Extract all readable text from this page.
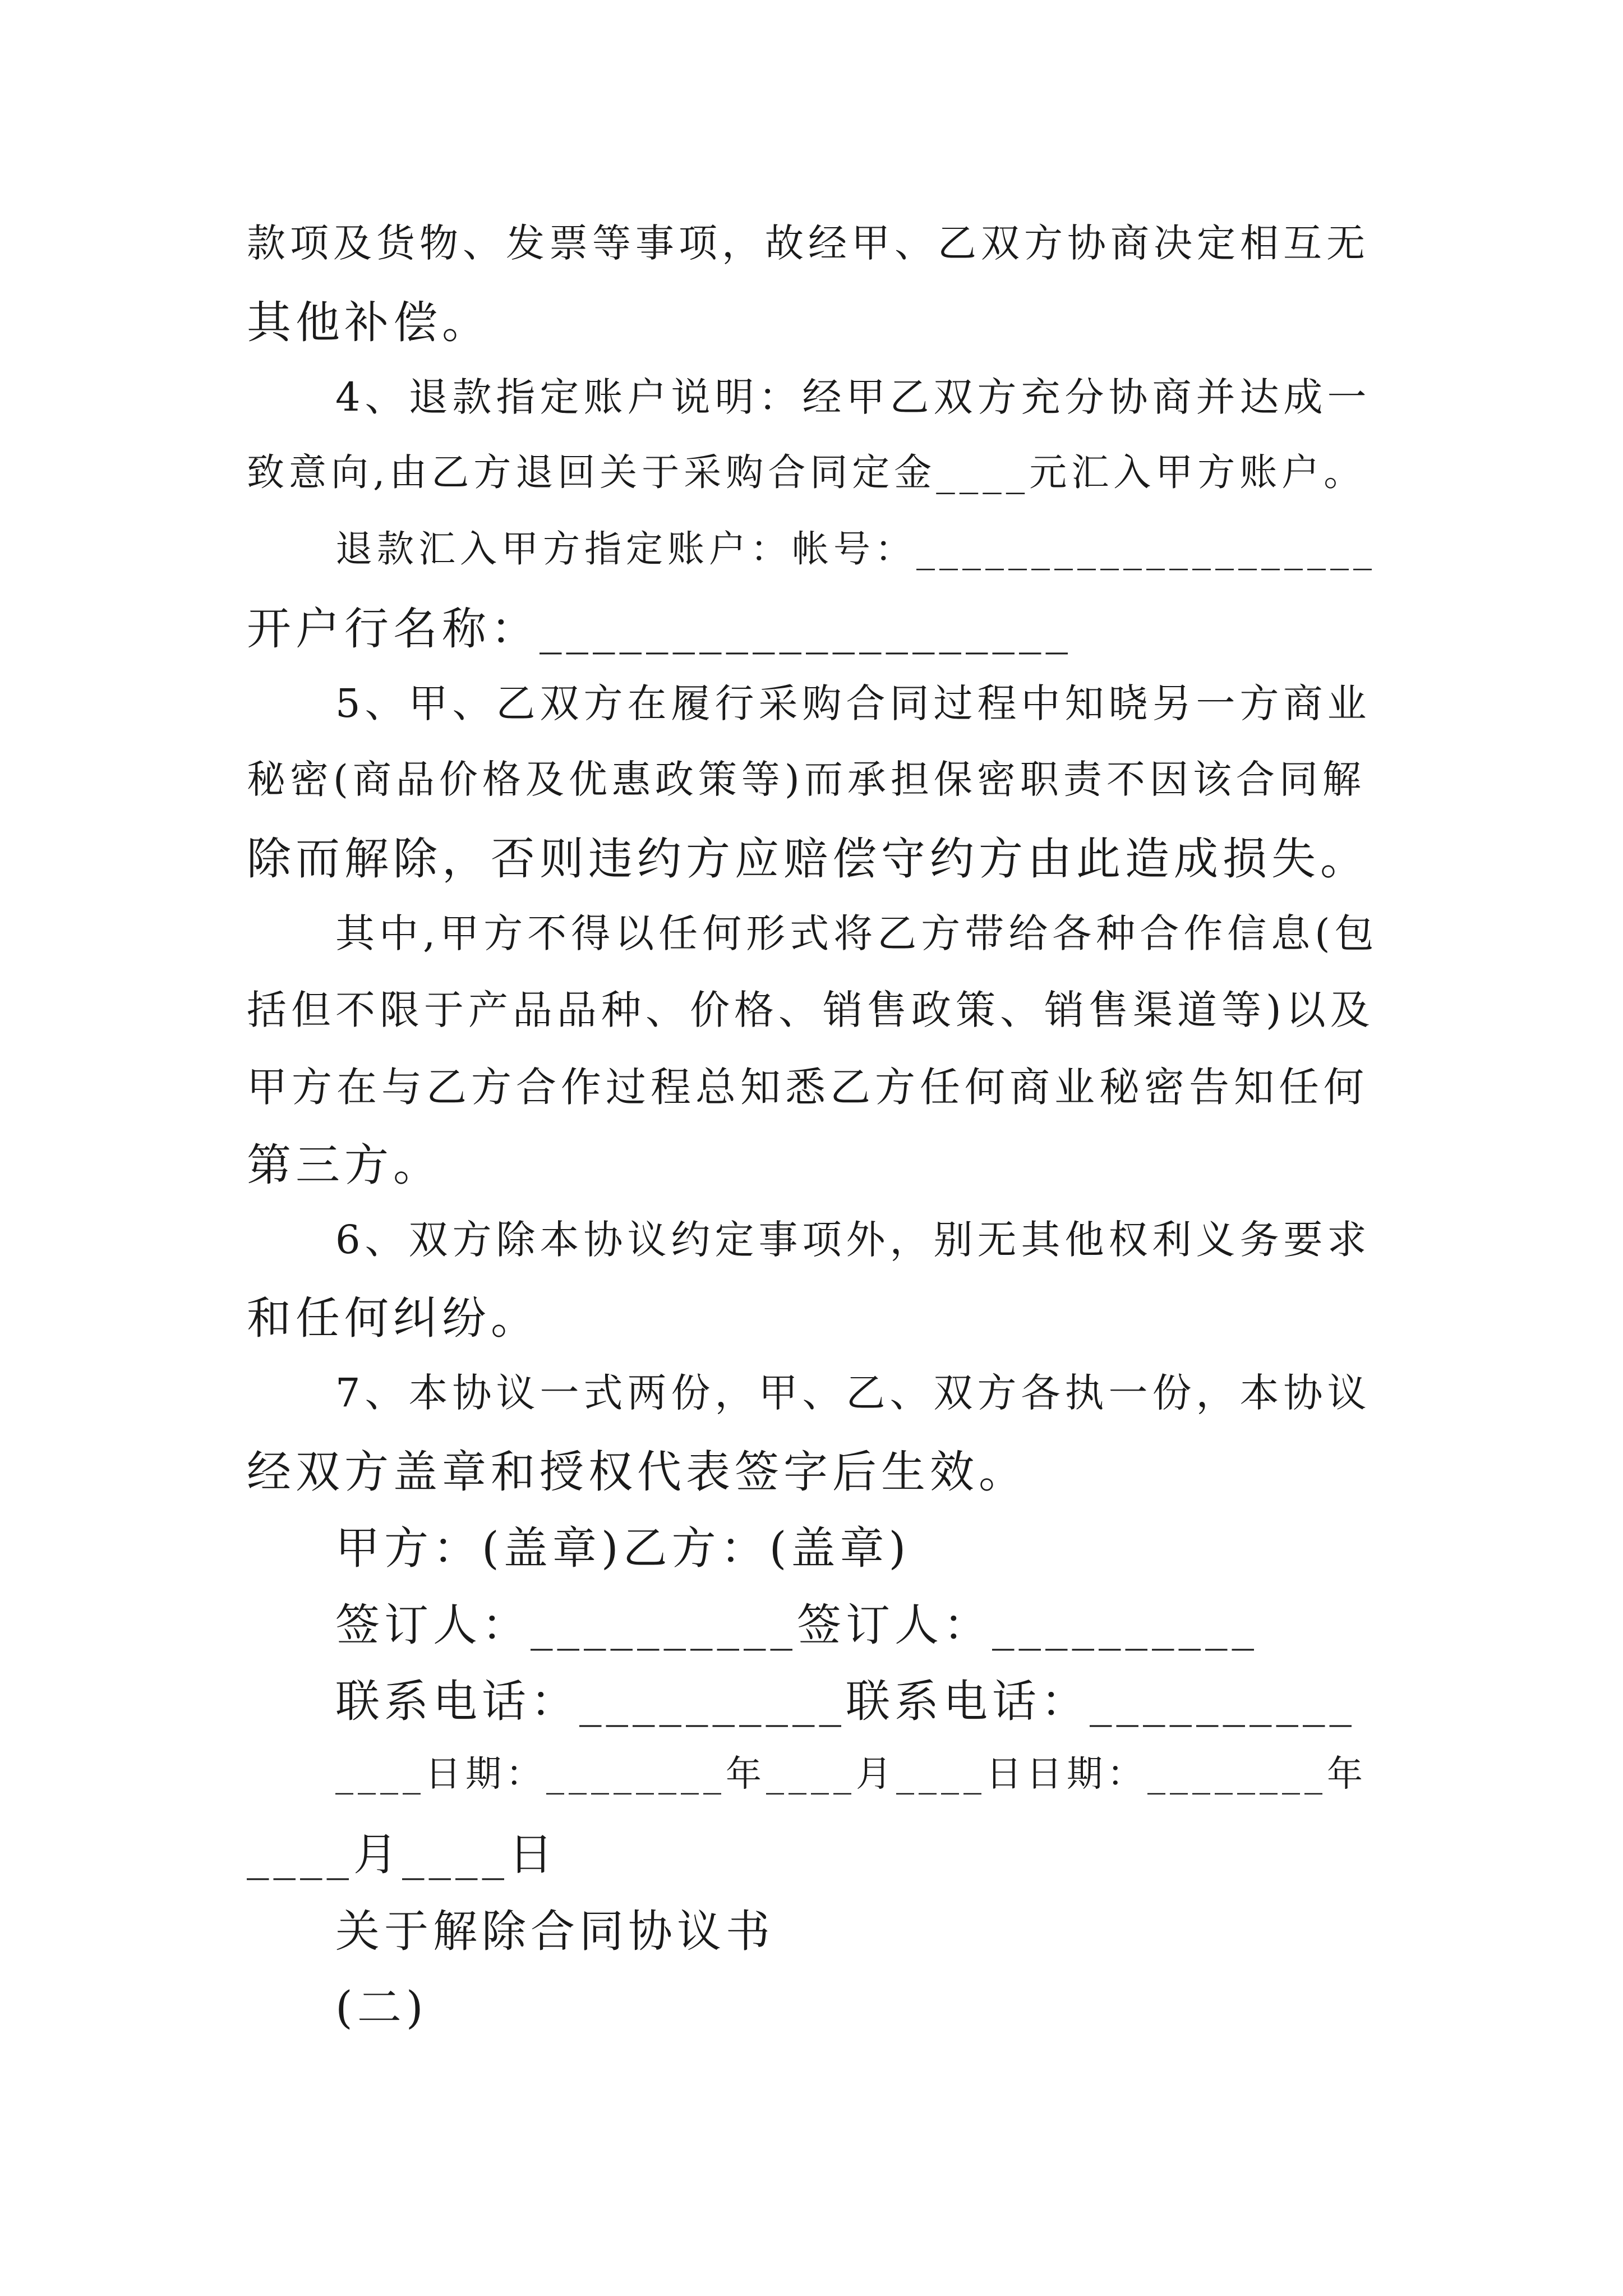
款项及货物、发票等事项，故经甲、乙双方协商决定相互无
其他补偿。
4、退款指定账户说明：经甲乙双方充分协商并达成一
致意向,由乙方退回关于采购合同定金____元汇入甲方账户。
退款汇入甲方指定账户：帐号：____________________
开户行名称：____________________
5、甲、乙双方在履行采购合同过程中知晓另一方商业
秘密(商品价格及优惠政策等)而承担保密职责不因该合同解
除而解除，否则违约方应赔偿守约方由此造成损失。
其中,甲方不得以任何形式将乙方带给各种合作信息(包
括但不限于产品品种、价格、销售政策、销售渠道等)以及
甲方在与乙方合作过程总知悉乙方任何商业秘密告知任何
第三方。
6、双方除本协议约定事项外，别无其他权利义务要求
和任何纠纷。
7、本协议一式两份，甲、乙、双方各执一份，本协议
经双方盖章和授权代表签字后生效。
甲方：(盖章)乙方：(盖章)
签订人：__________签订人：__________
联系电话：__________联系电话：__________
____日期：________年____月____日日期：________年
____月____日
关于解除合同协议书
(二)
